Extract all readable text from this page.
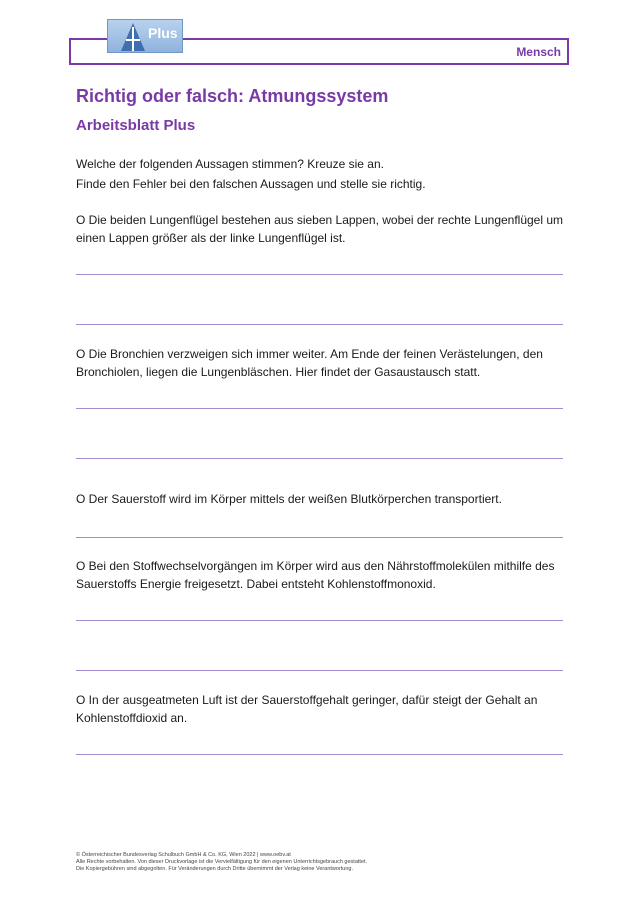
Mensch
Plus
Richtig oder falsch: Atmungssystem
Arbeitsblatt Plus

Welche der folgenden Aussagen stimmen? Kreuze sie an.

Finde den Fehler bei den falschen Aussagen und stelle sie richtig.

O Die beiden Lungenflügel bestehen aus sieben Lappen, wobei der rechte Lungenflügel um einen Lappen größer als der linke Lungenflügel ist.

O Die Bronchien verzweigen sich immer weiter. Am Ende der feinen Verästelungen, den Bronchiolen, liegen die Lungenbläschen. Hier findet der Gasaustausch statt.

O Der Sauerstoff wird im Körper mittels der weißen Blutkörperchen transportiert.

O Bei den Stoffwechselvorgängen im Körper wird aus den Nährstoffmolekülen mithilfe des Sauerstoffs Energie freigesetzt. Dabei entsteht Kohlenstoffmonoxid.

O In der ausgeatmeten Luft ist der Sauerstoffgehalt geringer, dafür steigt der Gehalt an Kohlenstoffdioxid an.

© Österreichischer Bundesverlag Schulbuch GmbH & Co. KG, Wien 2022 | www.oebv.at
Alle Rechte vorbehalten. Von dieser Druckvorlage ist die Vervielfältigung für den eigenen Unterrichtsgebrauch gestattet.
Die Kopiergebühren sind abgegolten. Für Veränderungen durch Dritte übernimmt der Verlag keine Verantwortung.
